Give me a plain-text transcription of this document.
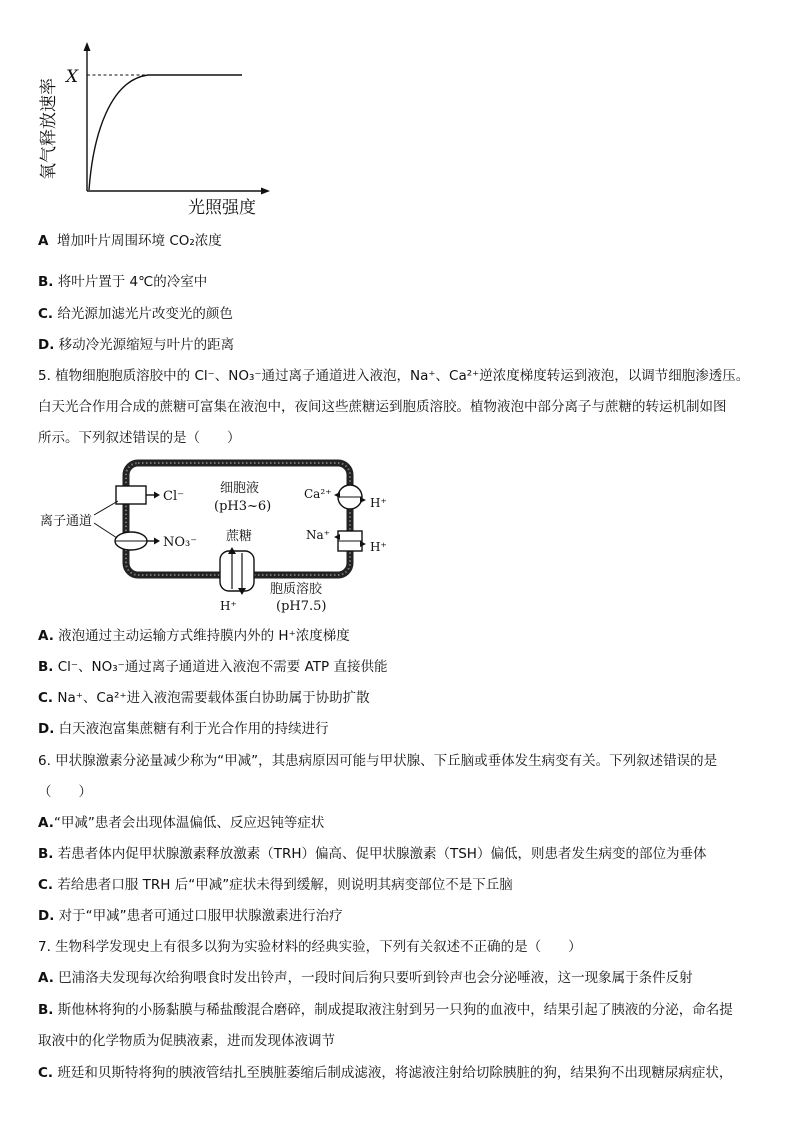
X
氧气释放速率
光照强度
A 增加叶片周围环境 CO₂浓度
B. 将叶片置于 4℃的冷室中
C. 给光源加滤光片改变光的颜色
D. 移动冷光源缩短与叶片的距离
5. 植物细胞胞质溶胶中的 Cl⁻、NO₃⁻通过离子通道进入液泡，Na⁺、Ca²⁺逆浓度梯度转运到液泡，以调节细胞渗透压。
白天光合作用合成的蔗糖可富集在液泡中，夜间这些蔗糖运到胞质溶胶。植物液泡中部分离子与蔗糖的转运机制如图
所示。下列叙述错误的是（　　）
Cl⁻
NO₃⁻
离子通道
细胞液
(pH3~6)
Ca²⁺
H⁺
Na⁺
H⁺
蔗糖
H⁺
胞质溶胶
(pH7.5)
A. 液泡通过主动运输方式维持膜内外的 H⁺浓度梯度
B. Cl⁻、NO₃⁻通过离子通道进入液泡不需要 ATP 直接供能
C. Na⁺、Ca²⁺进入液泡需要载体蛋白协助属于协助扩散
D. 白天液泡富集蔗糖有利于光合作用的持续进行
6. 甲状腺激素分泌量减少称为“甲减”，其患病原因可能与甲状腺、下丘脑或垂体发生病变有关。下列叙述错误的是
（　　）
A.“甲减”患者会出现体温偏低、反应迟钝等症状
B. 若患者体内促甲状腺激素释放激素（TRH）偏高、促甲状腺激素（TSH）偏低，则患者发生病变的部位为垂体
C. 若给患者口服 TRH 后“甲减”症状未得到缓解，则说明其病变部位不是下丘脑
D. 对于“甲减”患者可通过口服甲状腺激素进行治疗
7. 生物科学发现史上有很多以狗为实验材料的经典实验，下列有关叙述不正确的是（　　）
A. 巴浦洛夫发现每次给狗喂食时发出铃声，一段时间后狗只要听到铃声也会分泌唾液，这一现象属于条件反射
B. 斯他林将狗的小肠黏膜与稀盐酸混合磨碎，制成提取液注射到另一只狗的血液中，结果引起了胰液的分泌，命名提
取液中的化学物质为促胰液素，进而发现体液调节
C. 班廷和贝斯特将狗的胰液管结扎至胰脏萎缩后制成滤液，将滤液注射给切除胰脏的狗，结果狗不出现糖尿病症状，
